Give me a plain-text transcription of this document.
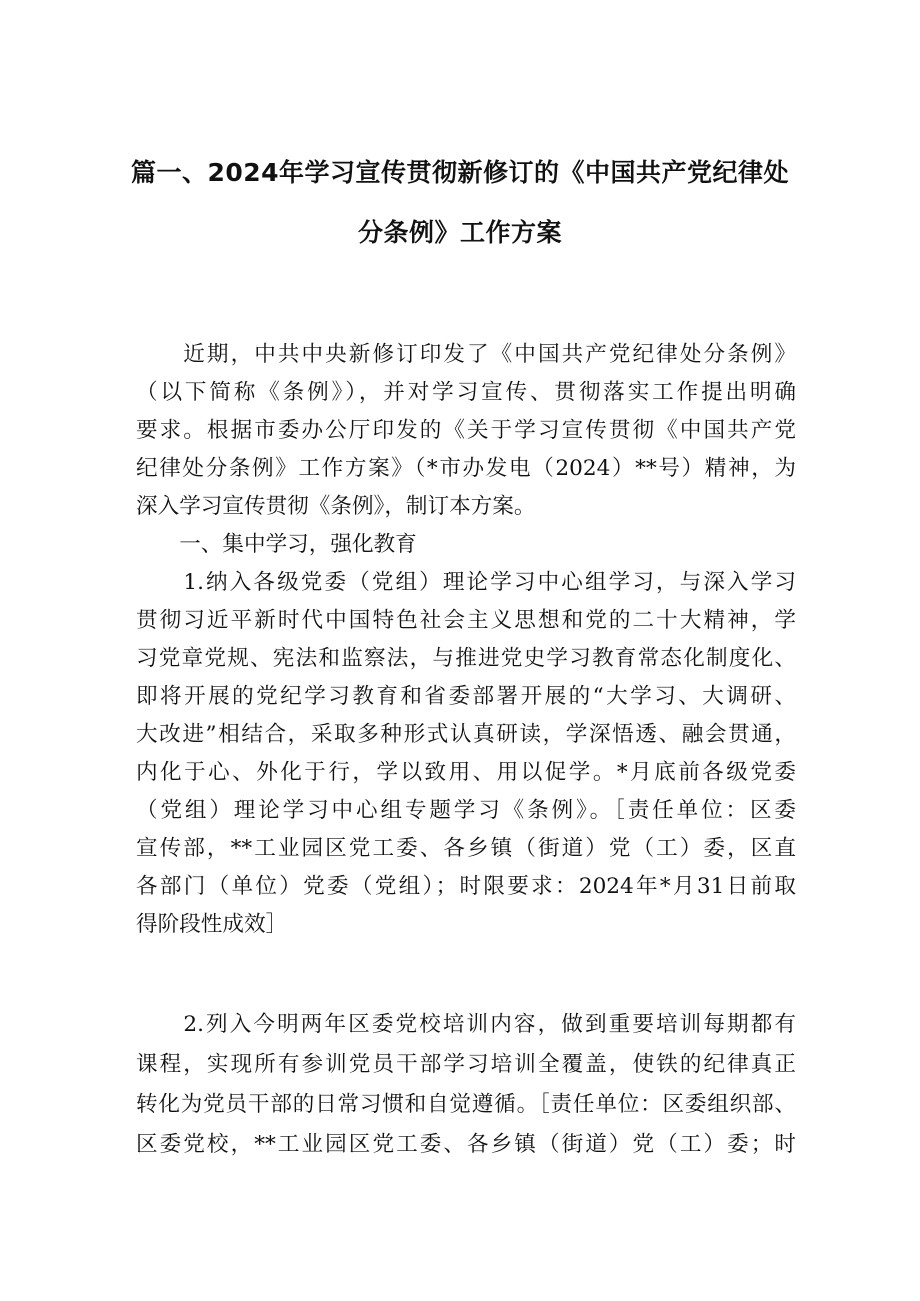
篇一、2024年学习宣传贯彻新修订的《中国共产党纪律处
分条例》工作方案
　　近期，中共中央新修订印发了《中国共产党纪律处分条例》
（以下简称《条例》），并对学习宣传、贯彻落实工作提出明确
要求。根据市委办公厅印发的《关于学习宣传贯彻《中国共产党
纪律处分条例》工作方案》（*市办发电（2024）**号）精神，为
深入学习宣传贯彻《条例》，制订本方案。
　　一、集中学习，强化教育
　　1.纳入各级党委（党组）理论学习中心组学习，与深入学习
贯彻习近平新时代中国特色社会主义思想和党的二十大精神，学
习党章党规、宪法和监察法，与推进党史学习教育常态化制度化、
即将开展的党纪学习教育和省委部署开展的“大学习、大调研、
大改进”相结合，采取多种形式认真研读，学深悟透、融会贯通，
内化于心、外化于行，学以致用、用以促学。*月底前各级党委
（党组）理论学习中心组专题学习《条例》。［责任单位：区委
宣传部，**工业园区党工委、各乡镇（街道）党（工）委，区直
各部门（单位）党委（党组）；时限要求：2024年*月31日前取
得阶段性成效］
　　2.列入今明两年区委党校培训内容，做到重要培训每期都有
课程，实现所有参训党员干部学习培训全覆盖，使铁的纪律真正
转化为党员干部的日常习惯和自觉遵循。［责任单位：区委组织部、
区委党校，**工业园区党工委、各乡镇（街道）党（工）委；时
